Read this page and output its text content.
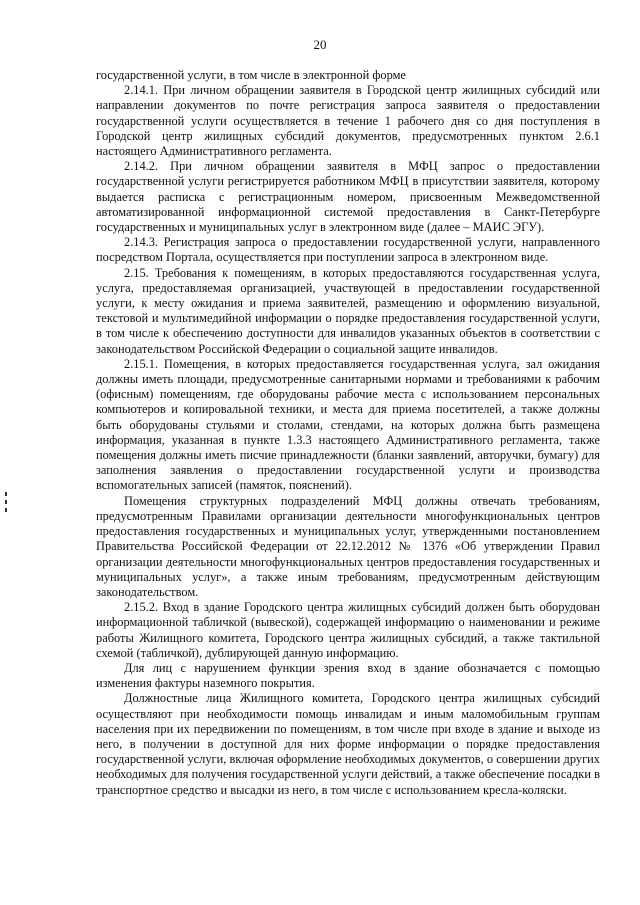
20

государственной услуги, в том числе в электронной форме

2.14.1. При личном обращении заявителя в Городской центр жилищных субсидий или направлении документов по почте регистрация запроса заявителя о предоставлении государственной услуги осуществляется в течение 1 рабочего дня со дня поступления в Городской центр жилищных субсидий документов, предусмотренных пунктом 2.6.1 настоящего Административного регламента.

2.14.2. При личном обращении заявителя в МФЦ запрос о предоставлении государственной услуги регистрируется работником МФЦ в присутствии заявителя, которому выдается расписка с регистрационным номером, присвоенным Межведомственной автоматизированной информационной системой предоставления в Санкт-Петербурге государственных и муниципальных услуг в электронном виде (далее – МАИС ЭГУ).

2.14.3. Регистрация запроса о предоставлении государственной услуги, направленного посредством Портала, осуществляется при поступлении запроса в электронном виде.

2.15. Требования к помещениям, в которых предоставляются государственная услуга, услуга, предоставляемая организацией, участвующей в предоставлении государственной услуги, к месту ожидания и приема заявителей, размещению и оформлению визуальной, текстовой и мультимедийной информации о порядке предоставления государственной услуги, в том числе к обеспечению доступности для инвалидов указанных объектов в соответствии с законодательством Российской Федерации о социальной защите инвалидов.

2.15.1. Помещения, в которых предоставляется государственная услуга, зал ожидания должны иметь площади, предусмотренные санитарными нормами и требованиями к рабочим (офисным) помещениям, где оборудованы рабочие места с использованием персональных компьютеров и копировальной техники, и места для приема посетителей, а также должны быть оборудованы стульями и столами, стендами, на которых должна быть размещена информация, указанная в пункте 1.3.3 настоящего Административного регламента, также помещения должны иметь писчие принадлежности (бланки заявлений, авторучки, бумагу) для заполнения заявления о предоставлении государственной услуги и производства вспомогательных записей (памяток, пояснений).

Помещения структурных подразделений МФЦ должны отвечать требованиям, предусмотренным Правилами организации деятельности многофункциональных центров предоставления государственных и муниципальных услуг, утвержденными постановлением Правительства Российской Федерации от 22.12.2012 № 1376 «Об утверждении Правил организации деятельности многофункциональных центров предоставления государственных и муниципальных услуг», а также иным требованиям, предусмотренным действующим законодательством.

2.15.2. Вход в здание Городского центра жилищных субсидий должен быть оборудован информационной табличкой (вывеской), содержащей информацию о наименовании и режиме работы Жилищного комитета, Городского центра жилищных субсидий, а также тактильной схемой (табличкой), дублирующей данную информацию.

Для лиц с нарушением функции зрения вход в здание обозначается с помощью изменения фактуры наземного покрытия.

Должностные лица Жилищного комитета, Городского центра жилищных субсидий осуществляют при необходимости помощь инвалидам и иным маломобильным группам населения при их передвижении по помещениям, в том числе при входе в здание и выходе из него, в получении в доступной для них форме информации о порядке предоставления государственной услуги, включая оформление необходимых документов, о совершении других необходимых для получения государственной услуги действий, а также обеспечение посадки в транспортное средство и высадки из него, в том числе с использованием кресла-коляски.
